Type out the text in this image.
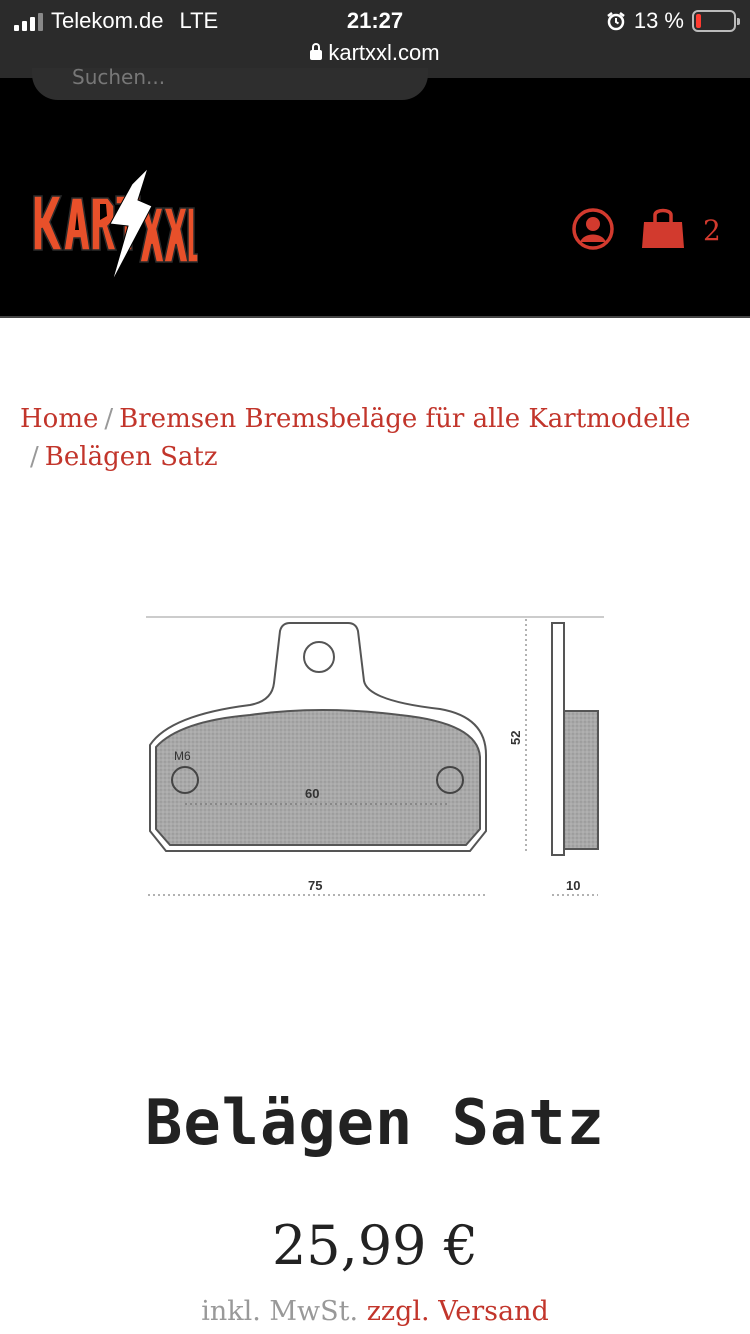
Telekom.de LTE	21:27	13 %
kartxxl.com
Suchen...
2
Home / Bremsen Bremsbeläge für alle Kartmodelle
/ Belägen Satz
M6
60
75
52
10
Belägen Satz
25,99 €
inkl. MwSt. zzgl. Versand
